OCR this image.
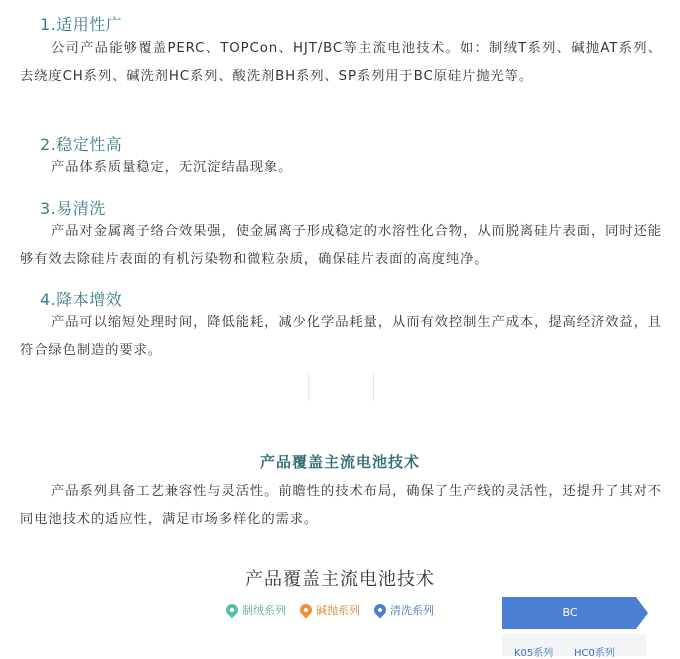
1.适用性广

公司产品能够覆盖PERC、TOPCon、HJT/BC等主流电池技术。如：制绒T系列、碱抛AT系列、去绕度CH系列、碱洗剂HC系列、酸洗剂BH系列、SP系列用于BC原硅片抛光等。

2.稳定性高

产品体系质量稳定，无沉淀结晶现象。

3.易清洗

产品对金属离子络合效果强，使金属离子形成稳定的水溶性化合物，从而脱离硅片表面，同时还能够有效去除硅片表面的有机污染物和微粒杂质，确保硅片表面的高度纯净。

4.降本增效

产品可以缩短处理时间，降低能耗，减少化学品耗量，从而有效控制生产成本，提高经济效益，且符合绿色制造的要求。

产品覆盖主流电池技术

产品系列具备工艺兼容性与灵活性。前瞻性的技术布局，确保了生产线的灵活性，还提升了其对不同电池技术的适应性，满足市场多样化的需求。

产品覆盖主流电池技术
制绒系列	碱抛系列	清洗系列	BC
K05系列 HC0系列
